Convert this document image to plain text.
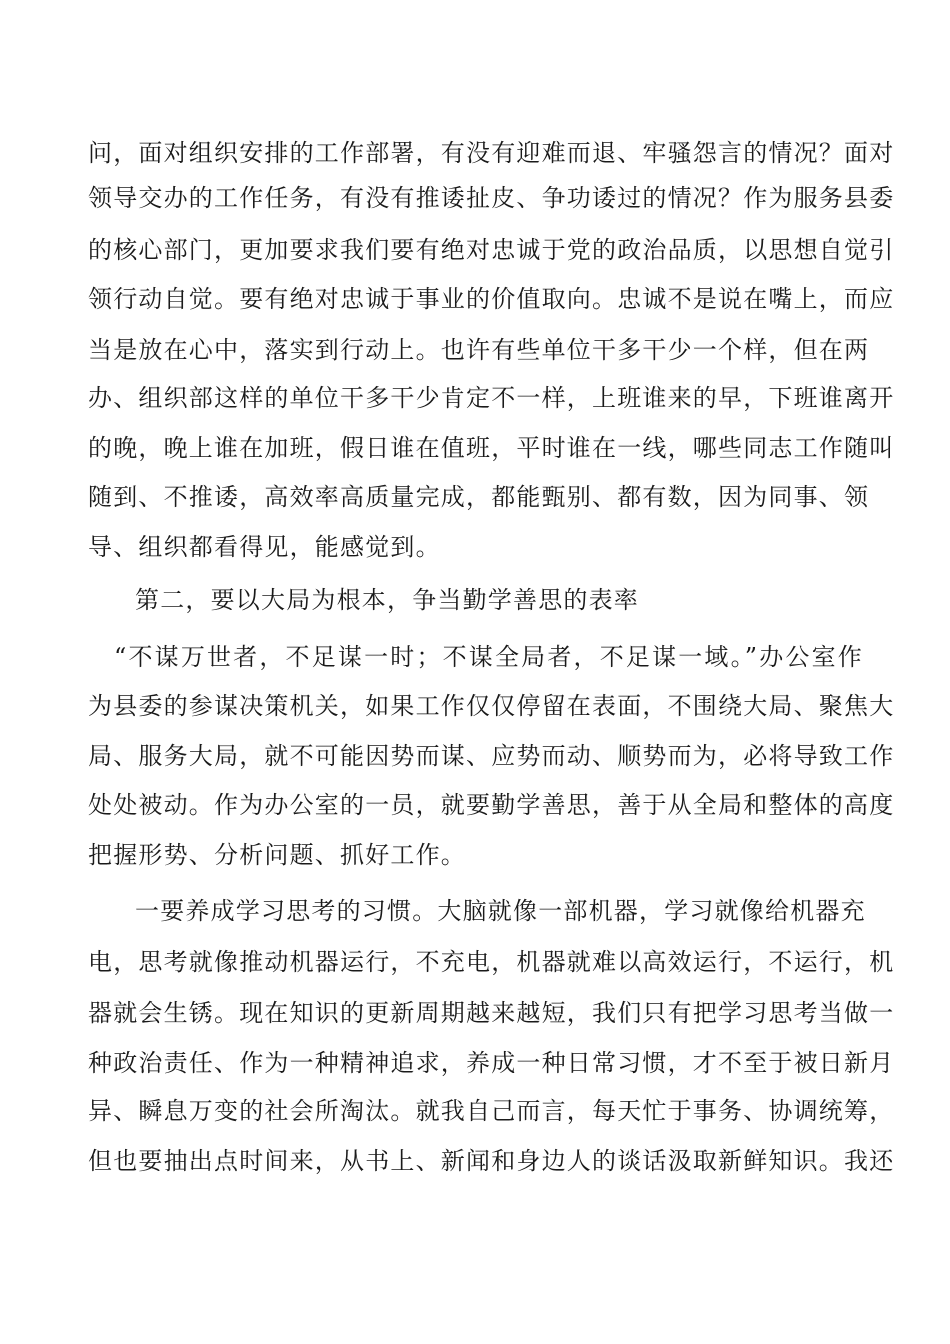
问，面对组织安排的工作部署，有没有迎难而退、牢骚怨言的情况？面对
领导交办的工作任务，有没有推诿扯皮、争功诿过的情况？作为服务县委
的核心部门，更加要求我们要有绝对忠诚于党的政治品质，以思想自觉引
领行动自觉。要有绝对忠诚于事业的价值取向。忠诚不是说在嘴上，而应
当是放在心中，落实到行动上。也许有些单位干多干少一个样，但在两
办、组织部这样的单位干多干少肯定不一样，上班谁来的早，下班谁离开
的晚，晚上谁在加班，假日谁在值班，平时谁在一线，哪些同志工作随叫
随到、不推诿，高效率高质量完成，都能甄别、都有数，因为同事、领
导、组织都看得见，能感觉到。
第二，要以大局为根本，争当勤学善思的表率
“不谋万世者，不足谋一时；不谋全局者，不足谋一域。”办公室作
为县委的参谋决策机关，如果工作仅仅停留在表面，不围绕大局、聚焦大
局、服务大局，就不可能因势而谋、应势而动、顺势而为，必将导致工作
处处被动。作为办公室的一员，就要勤学善思，善于从全局和整体的高度
把握形势、分析问题、抓好工作。
一要养成学习思考的习惯。大脑就像一部机器，学习就像给机器充
电，思考就像推动机器运行，不充电，机器就难以高效运行，不运行，机
器就会生锈。现在知识的更新周期越来越短，我们只有把学习思考当做一
种政治责任、作为一种精神追求，养成一种日常习惯，才不至于被日新月
异、瞬息万变的社会所淘汰。就我自己而言，每天忙于事务、协调统筹，
但也要抽出点时间来，从书上、新闻和身边人的谈话汲取新鲜知识。我还
